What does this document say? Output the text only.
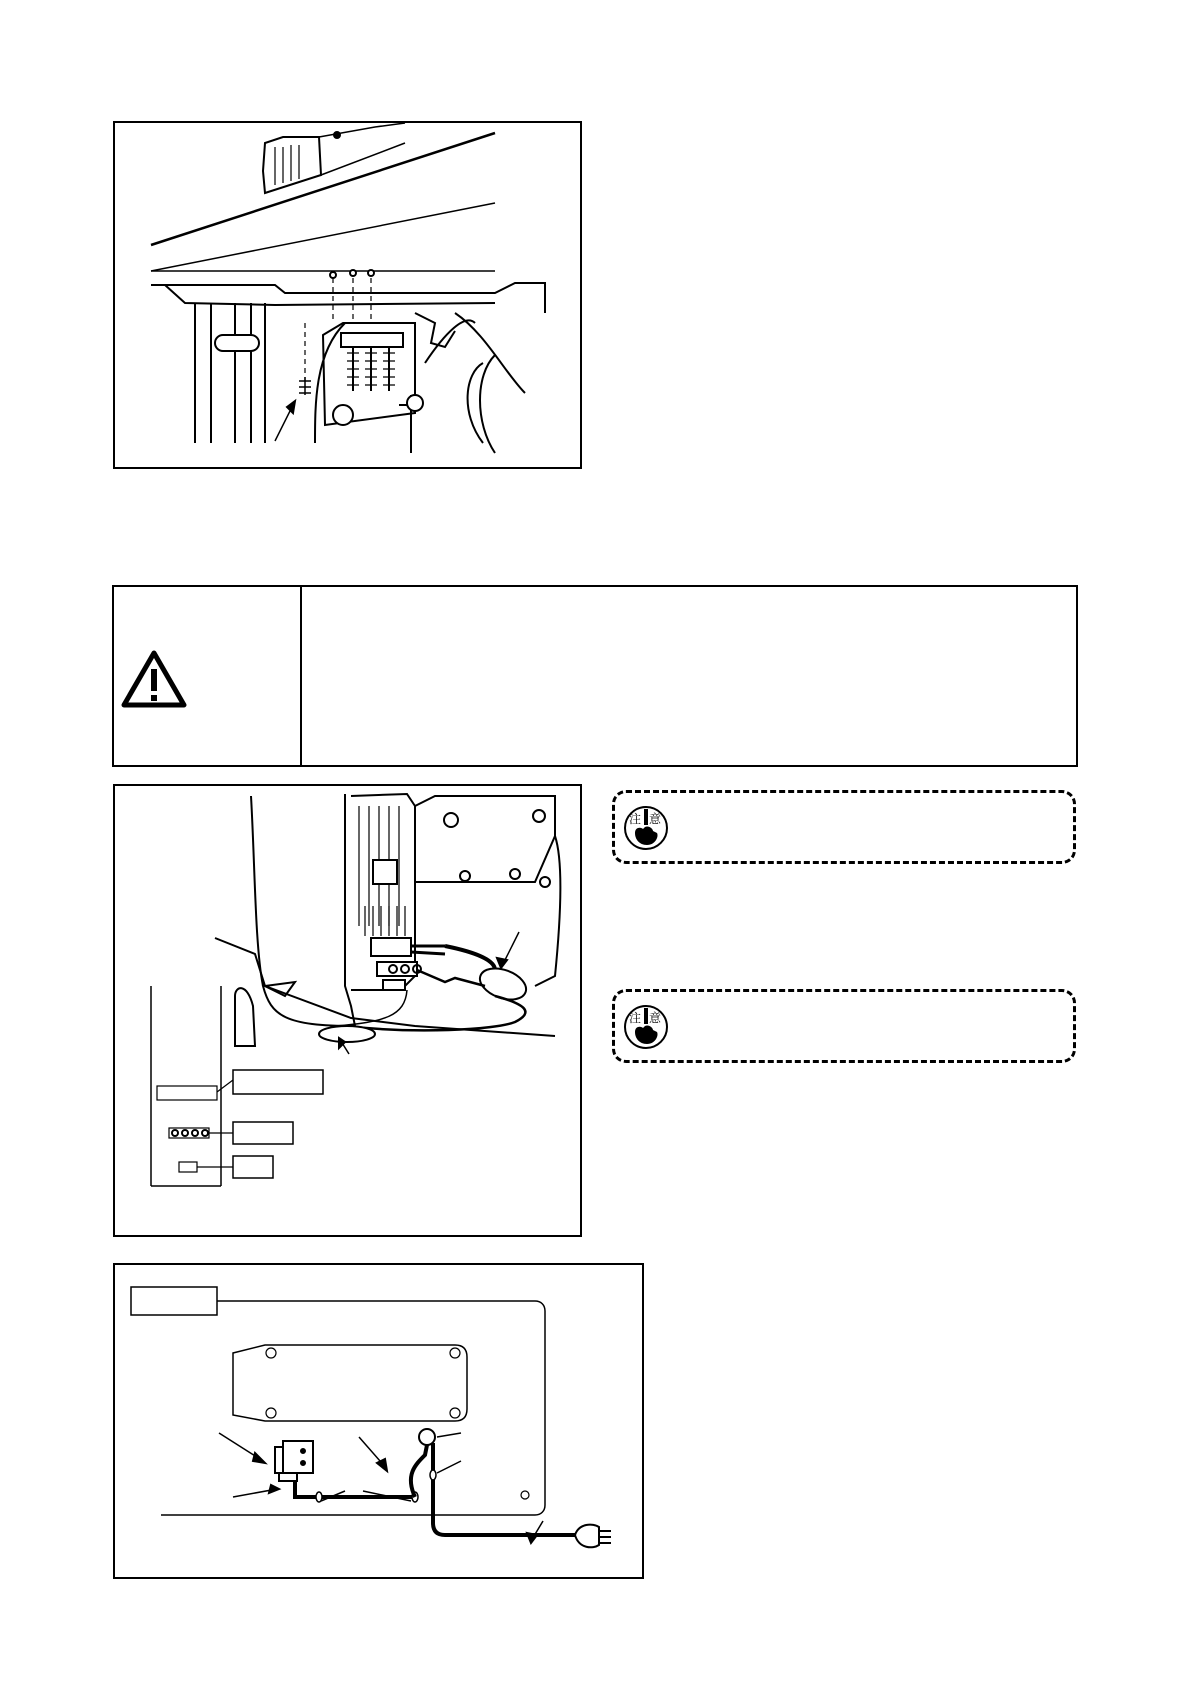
注 意
注 意
